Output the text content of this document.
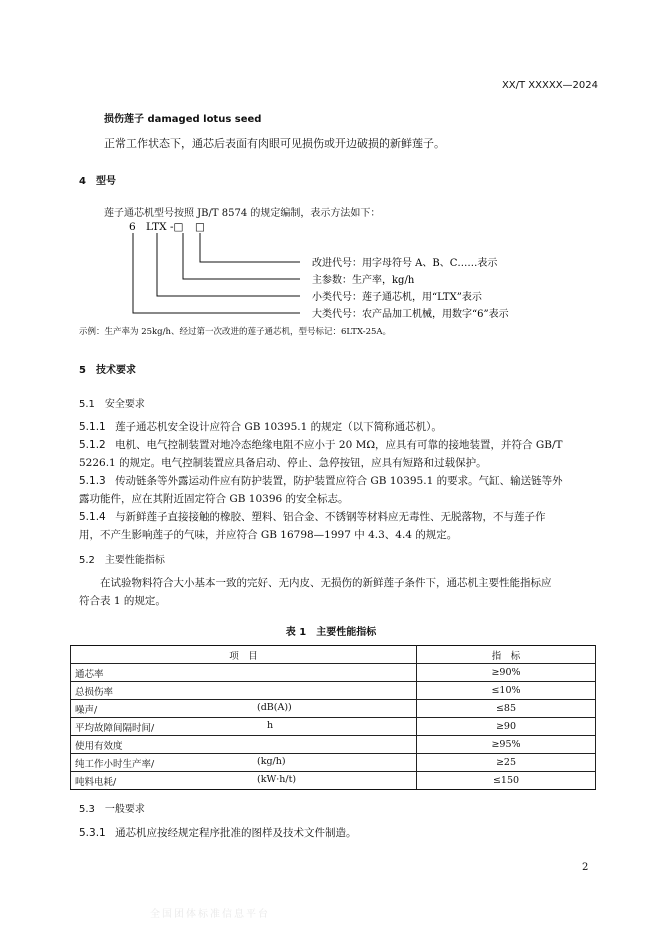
XX/T XXXXX—2024
损伤莲子 damaged lotus seed
正常工作状态下，通芯后表面有肉眼可见损伤或开边破损的新鲜莲子。
4　型号
莲子通芯机型号按照 JB/T 8574 的规定编制，表示方法如下：
6 LTX -□ □
改进代号：用字母符号 A、B、C……表示
主参数：生产率，kg/h
小类代号：莲子通芯机，用“LTX”表示
大类代号：农产品加工机械，用数字“6”表示
示例：生产率为 25kg/h、经过第一次改进的莲子通芯机，型号标记：6LTX-25A。
5　技术要求
5.1　安全要求
5.1.1 莲子通芯机安全设计应符合 GB 10395.1 的规定（以下简称通芯机）。
5.1.2 电机、电气控制装置对地冷态绝缘电阻不应小于 20 MΩ，应具有可靠的接地装置，并符合 GB/T
5226.1 的规定。电气控制装置应具备启动、停止、急停按钮，应具有短路和过载保护。
5.1.3 传动链条等外露运动件应有防护装置，防护装置应符合 GB 10395.1 的要求。气缸、输送链等外
露功能件，应在其附近固定符合 GB 10396 的安全标志。
5.1.4 与新鲜莲子直接接触的橡胶、塑料、铝合金、不锈钢等材料应无毒性、无脱落物，不与莲子作
用，不产生影响莲子的气味，并应符合 GB 16798—1997 中 4.3、4.4 的规定。
5.2　主要性能指标
在试验物料符合大小基本一致的完好、无内皮、无损伤的新鲜莲子条件下，通芯机主要性能指标应
符合表 1 的规定。
表 1　主要性能指标
项　目	指　标
通芯率	≥90%
总损伤率	≤10%
噪声/ (dB(A))	≤85
平均故障间隔时间/ h	≥90
使用有效度	≥95%
纯工作小时生产率/ (kg/h)	≥25
吨料电耗/ (kW·h/t)	≤150
5.3　一般要求
5.3.1 通芯机应按经规定程序批准的图样及技术文件制造。
2
全国团体标准信息平台
